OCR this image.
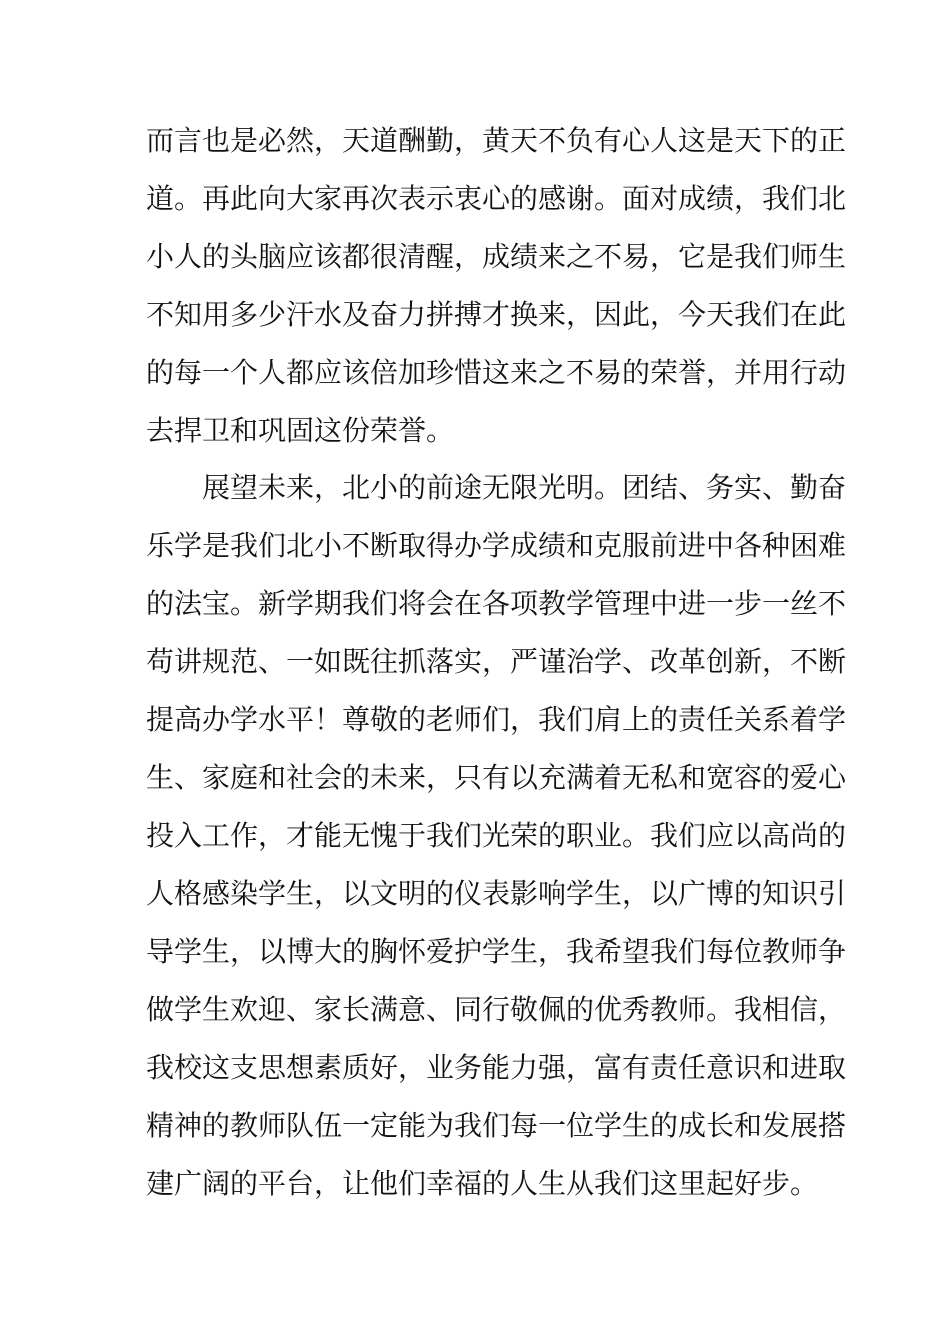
而言也是必然，天道酬勤，黄天不负有心人这是天下的正
道。再此向大家再次表示衷心的感谢。面对成绩，我们北
小人的头脑应该都很清醒，成绩来之不易，它是我们师生
不知用多少汗水及奋力拼搏才换来，因此，今天我们在此
的每一个人都应该倍加珍惜这来之不易的荣誉，并用行动
去捍卫和巩固这份荣誉。
展望未来，北小的前途无限光明。团结、务实、勤奋
乐学是我们北小不断取得办学成绩和克服前进中各种困难
的法宝。新学期我们将会在各项教学管理中进一步一丝不
苟讲规范、一如既往抓落实，严谨治学、改革创新，不断
提高办学水平！尊敬的老师们，我们肩上的责任关系着学
生、家庭和社会的未来，只有以充满着无私和宽容的爱心
投入工作，才能无愧于我们光荣的职业。我们应以高尚的
人格感染学生，以文明的仪表影响学生，以广博的知识引
导学生，以博大的胸怀爱护学生，我希望我们每位教师争
做学生欢迎、家长满意、同行敬佩的优秀教师。我相信，
我校这支思想素质好，业务能力强，富有责任意识和进取
精神的教师队伍一定能为我们每一位学生的成长和发展搭
建广阔的平台，让他们幸福的人生从我们这里起好步。
